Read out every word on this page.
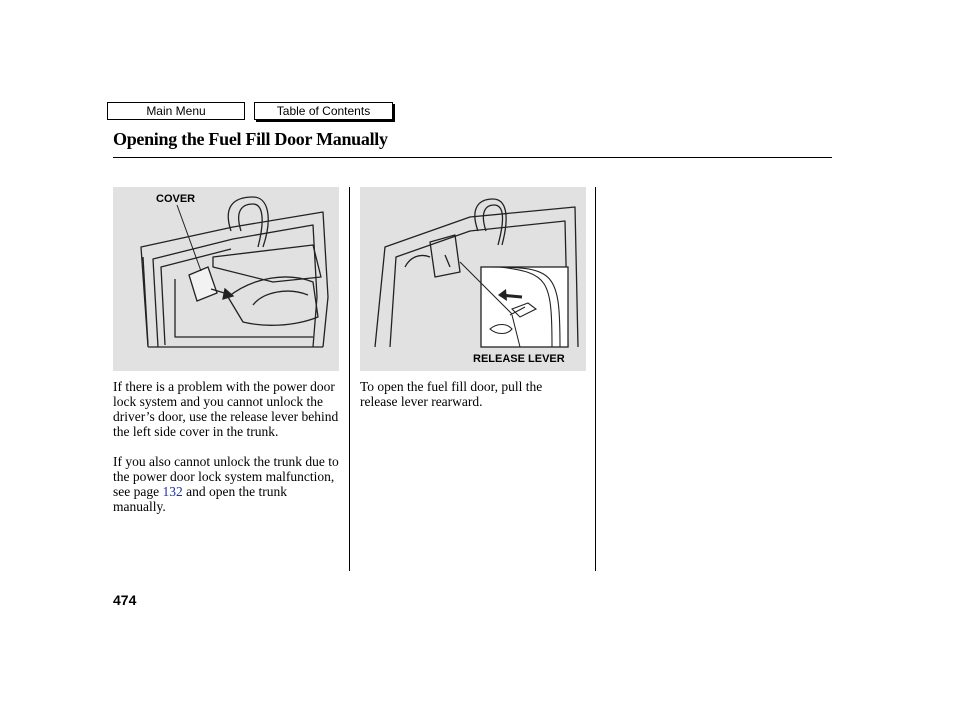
Main Menu	Table of Contents
Opening the Fuel Fill Door Manually
COVER
RELEASE LEVER

If there is a problem with the power door lock system and you cannot unlock the driver’s door, use the release lever behind the left side cover in the trunk.

If you also cannot unlock the trunk due to the power door lock system malfunction, see page 132 and open the trunk manually.

To open the fuel fill door, pull the release lever rearward.

474
